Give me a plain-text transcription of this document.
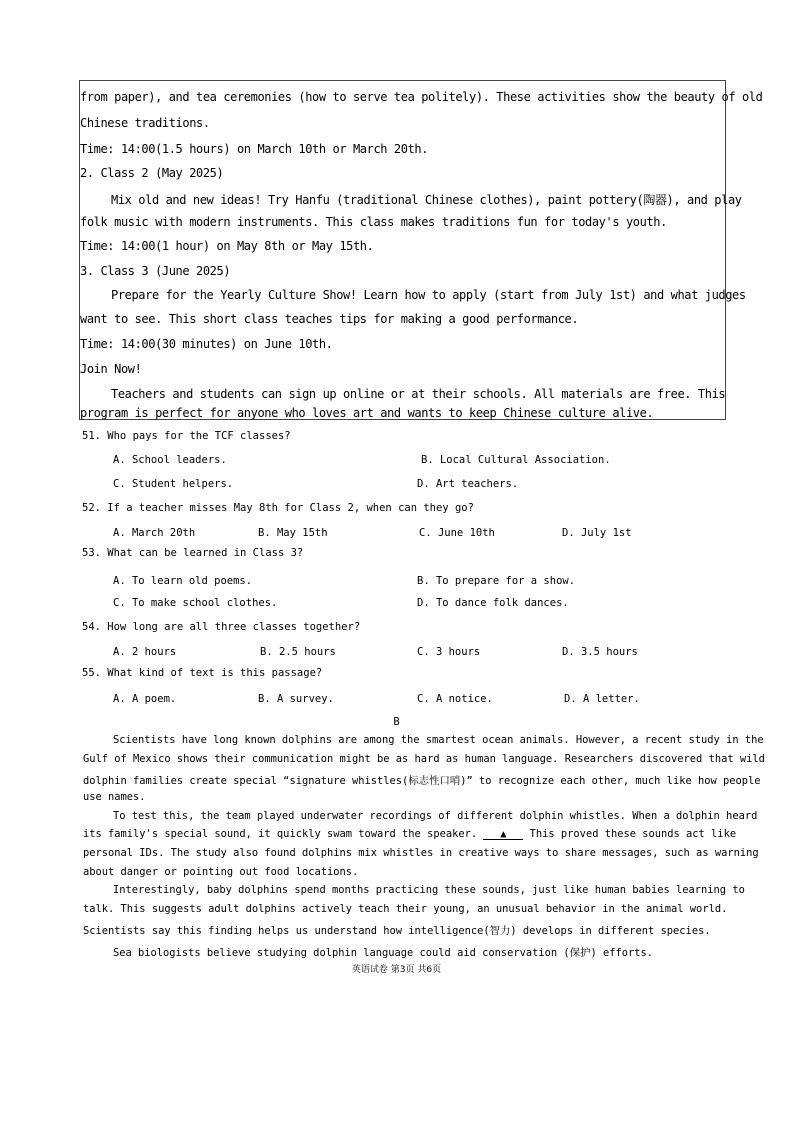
from paper), and tea ceremonies (how to serve tea politely). These activities show the beauty of old
Chinese traditions.
Time: 14:00(1.5 hours) on March 10th or March 20th.
2. Class 2 (May 2025)
Mix old and new ideas! Try Hanfu (traditional Chinese clothes), paint pottery(陶器), and play
folk music with modern instruments. This class makes traditions fun for today's youth.
Time: 14:00(1 hour) on May 8th or May 15th.
3. Class 3 (June 2025)
Prepare for the Yearly Culture Show! Learn how to apply (start from July 1st) and what judges
want to see. This short class teaches tips for making a good performance.
Time: 14:00(30 minutes) on June 10th.
Join Now!
Teachers and students can sign up online or at their schools. All materials are free. This
program is perfect for anyone who loves art and wants to keep Chinese culture alive.
51. Who pays for the TCF classes?
A. School leaders.	B. Local Cultural Association.
C. Student helpers.	D. Art teachers.
52. If a teacher misses May 8th for Class 2, when can they go?
A. March 20th	B. May 15th	C. June 10th	D. July 1st
53. What can be learned in Class 3?
A. To learn old poems.	B. To prepare for a show.
C. To make school clothes.	D. To dance folk dances.
54. How long are all three classes together?
A. 2 hours	B. 2.5 hours	C. 3 hours	D. 3.5 hours
55. What kind of text is this passage?
A. A poem.	B. A survey.	C. A notice.	D. A letter.
B
Scientists have long known dolphins are among the smartest ocean animals. However, a recent study in the
Gulf of Mexico shows their communication might be as hard as human language. Researchers discovered that wild
dolphin families create special “signature whistles(标志性口哨)” to recognize each other, much like how people
use names.
To test this, the team played underwater recordings of different dolphin whistles. When a dolphin heard
its family's special sound, it quickly swam toward the speaker. ▲ This proved these sounds act like
personal IDs. The study also found dolphins mix whistles in creative ways to share messages, such as warning
about danger or pointing out food locations.
Interestingly, baby dolphins spend months practicing these sounds, just like human babies learning to
talk. This suggests adult dolphins actively teach their young, an unusual behavior in the animal world.
Scientists say this finding helps us understand how intelligence(智力) develops in different species.
Sea biologists believe studying dolphin language could aid conservation (保护) efforts.
英语试卷 第3页 共6页
